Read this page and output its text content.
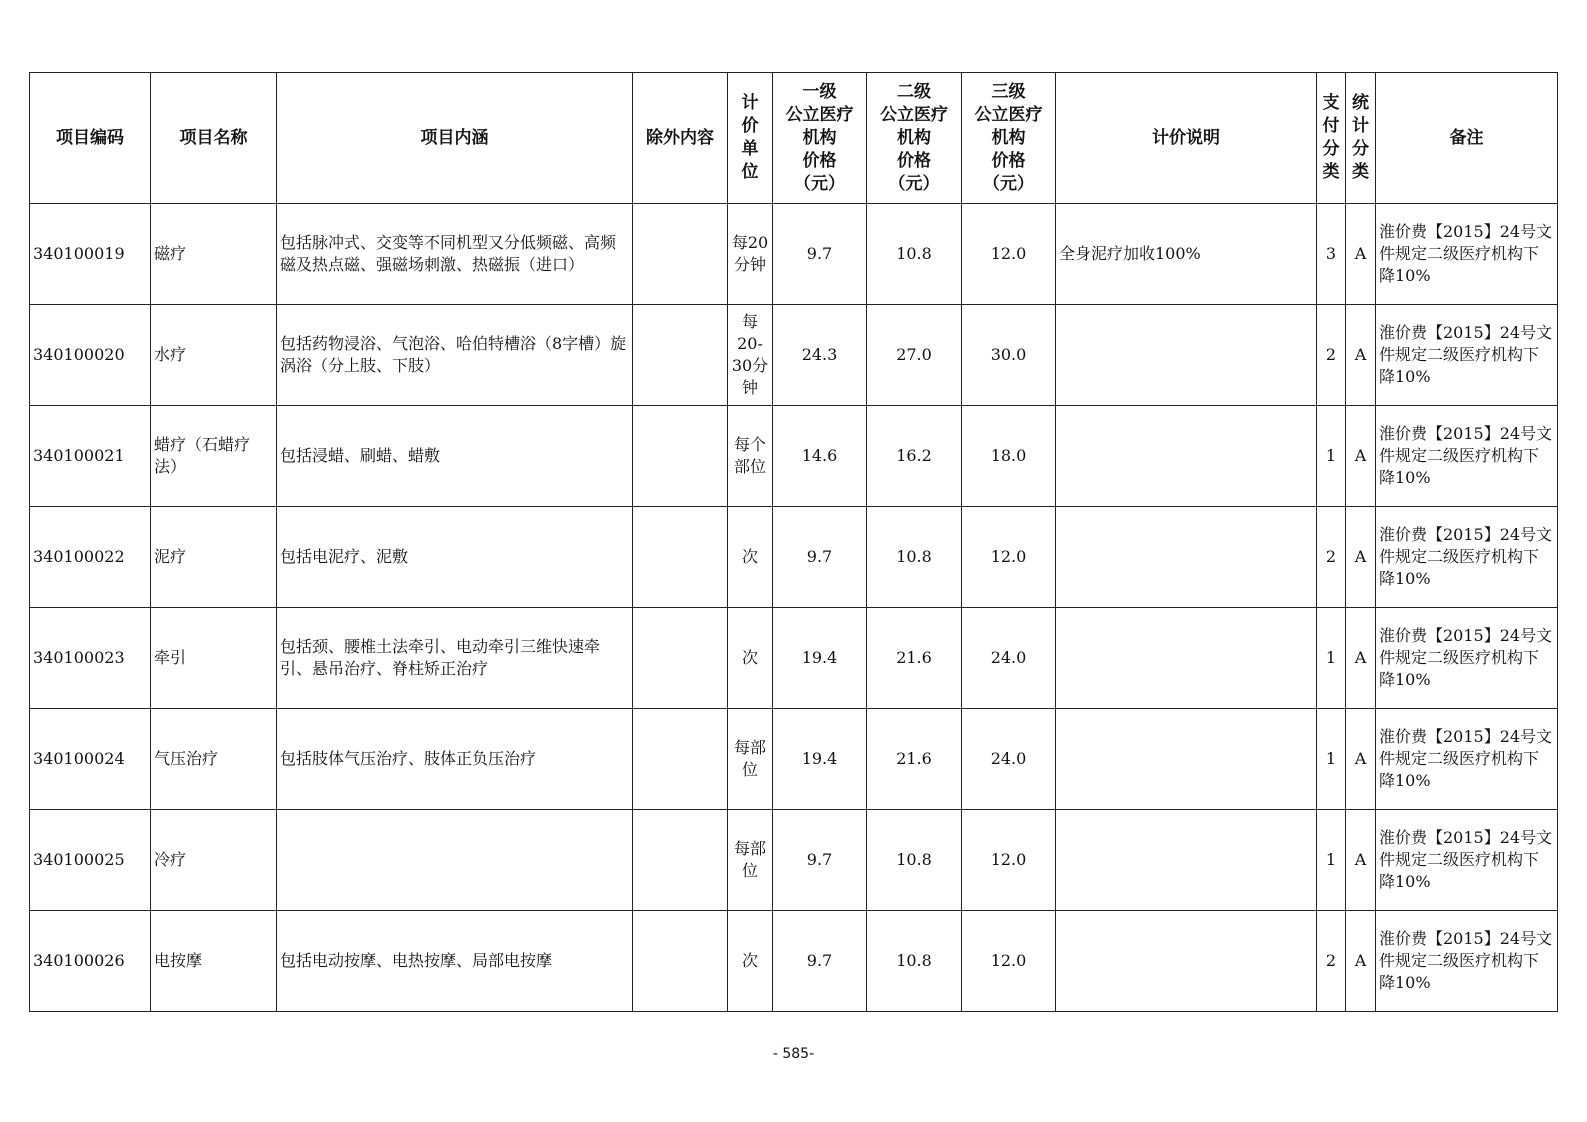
项目编码	项目名称	项目内涵	除外内容	计
价
单
位	一级
公立医疗
机构
价格
（元）	二级
公立医疗
机构
价格
（元）	三级
公立医疗
机构
价格
（元）	计价说明	支
付
分
类	统
计
分
类	备注
340100019	磁疗	包括脉冲式、交变等不同机型又分低频磁、高频磁及热点磁、强磁场刺激、热磁振（进口）		每20
分钟	9.7	10.8	12.0	全身泥疗加收100%	3	A	淮价费【2015】24号文件规定二级医疗机构下降10%
340100020	水疗	包括药物浸浴、气泡浴、哈伯特槽浴（8字槽）旋涡浴（分上肢、下肢）		每
20-
30分
钟	24.3	27.0	30.0		2	A	淮价费【2015】24号文件规定二级医疗机构下降10%
340100021	蜡疗（石蜡疗法）	包括浸蜡、刷蜡、蜡敷		每个
部位	14.6	16.2	18.0		1	A	淮价费【2015】24号文件规定二级医疗机构下降10%
340100022	泥疗	包括电泥疗、泥敷		次	9.7	10.8	12.0		2	A	淮价费【2015】24号文件规定二级医疗机构下降10%
340100023	牵引	包括颈、腰椎土法牵引、电动牵引三维快速牵引、悬吊治疗、脊柱矫正治疗		次	19.4	21.6	24.0		1	A	淮价费【2015】24号文件规定二级医疗机构下降10%
340100024	气压治疗	包括肢体气压治疗、肢体正负压治疗		每部
位	19.4	21.6	24.0		1	A	淮价费【2015】24号文件规定二级医疗机构下降10%
340100025	冷疗			每部
位	9.7	10.8	12.0		1	A	淮价费【2015】24号文件规定二级医疗机构下降10%
340100026	电按摩	包括电动按摩、电热按摩、局部电按摩		次	9.7	10.8	12.0		2	A	淮价费【2015】24号文件规定二级医疗机构下降10%
- 585-
